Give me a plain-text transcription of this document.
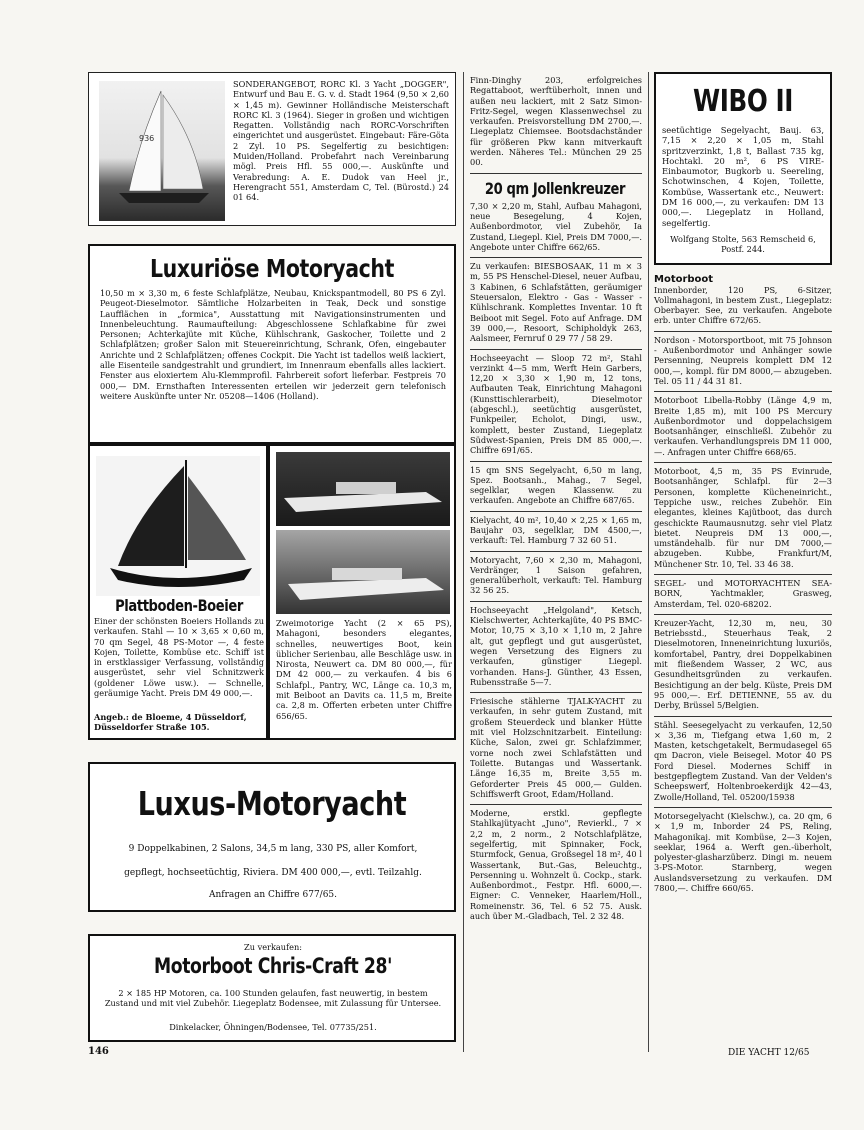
936

SONDERANGEBOT, RORC Kl. 3 Yacht „DOGGER", Entwurf und Bau E. G. v. d. Stadt 1964 (9,50 × 2,60 × 1,45 m). Gewinner Holländische Meisterschaft RORC Kl. 3 (1964). Sieger in großen und wichtigen Regatten. Vollständig nach RORC-Vorschriften eingerichtet und ausgerüstet. Eingebaut: Färe-Göta 2 Zyl. 10 PS. Segelfertig zu besichtigen: Muiden/Holland. Probefahrt nach Vereinbarung mögl. Preis Hfl. 55 000,—. Auskünfte und Verabredung: A. E. Dudok van Heel jr., Herengracht 551, Amsterdam C, Tel. (Bürostd.) 24 01 64.

Luxuriöse Motoryacht

10,50 m × 3,30 m, 6 feste Schlafplätze, Neubau, Knickspantmodell, 80 PS 6 Zyl. Peugeot-Dieselmotor. Sämtliche Holzarbeiten in Teak, Deck und sonstige Laufflächen in „formica", Ausstattung mit Navigationsinstrumenten und Innenbeleuchtung. Raumaufteilung: Abgeschlossene Schlafkabine für zwei Personen; Achterkajüte mit Küche, Kühlschrank, Gaskocher, Toilette und 2 Schlafplätzen; großer Salon mit Steuereinrichtung, Schrank, Ofen, eingebauter Anrichte und 2 Schlafplätzen; offenes Cockpit. Die Yacht ist tadellos weiß lackiert, alle Eisenteile sandgestrahlt und grundiert, im Innenraum ebenfalls alles lackiert. Fenster aus eloxiertem Alu-Klemmprofil. Fahrbereit sofort lieferbar. Festpreis 70 000,— DM. Ernsthaften Interessenten erteilen wir jederzeit gern telefonisch weitere Auskünfte unter Nr. 05208—1406 (Holland).

Plattboden-Boeier

Einer der schönsten Boeiers Hollands zu verkaufen. Stahl — 10 × 3,65 × 0,60 m, 70 qm Segel, 48 PS-Motor —, 4 feste Kojen, Toilette, Kombüse etc. Schiff ist in erstklassiger Verfassung, vollständig ausgerüstet, sehr viel Schnitzwerk (goldener Löwe usw.). — Schnelle, geräumige Yacht. Preis DM 49 000,—.

Angeb.: de Bloeme, 4 Düsseldorf, Düsseldorfer Straße 105.

Zweimotorige Yacht (2 × 65 PS), Mahagoni, besonders elegantes, schnelles, neuwertiges Boot, kein üblicher Serienbau, alle Beschläge usw. in Nirosta, Neuwert ca. DM 80 000,—, für DM 42 000,— zu verkaufen. 4 bis 6 Schlafpl., Pantry, WC, Länge ca. 10,3 m, mit Beiboot an Davits ca. 11,5 m, Breite ca. 2,8 m. Offerten erbeten unter Chiffre 656/65.

Luxus-Motoryacht

9 Doppelkabinen, 2 Salons, 34,5 m lang, 330 PS, aller Komfort,

gepflegt, hochseetüchtig, Riviera. DM 400 000,—, evtl. Teilzahlg.

Anfragen an Chiffre 677/65.

Zu verkaufen:

Motorboot Chris-Craft 28'

2 × 185 HP Motoren, ca. 100 Stunden gelaufen, fast neuwertig, in bestem Zustand und mit viel Zubehör. Liegeplatz Bodensee, mit Zulassung für Untersee.

Dinkelacker, Öhningen/Bodensee, Tel. 07735/251.

Finn-Dinghy 203, erfolgreiches Regattaboot, werftüberholt, innen und außen neu lackiert, mit 2 Satz Simon-Fritz-Segel, wegen Klassenwechsel zu verkaufen. Preisvorstellung DM 2700,—. Liegeplatz Chiemsee. Bootsdachständer für größeren Pkw kann mitverkauft werden. Näheres Tel.: München 29 25 00.

20 qm Jollenkreuzer

7,30 × 2,20 m, Stahl, Aufbau Mahagoni, neue Besegelung, 4 Kojen, Außenbordmotor, viel Zubehör, Ia Zustand, Liegepl. Kiel, Preis DM 7000,—. Angebote unter Chiffre 662/65.

Zu verkaufen: BIESBOSAAK, 11 m × 3 m, 55 PS Henschel-Diesel, neuer Aufbau, 3 Kabinen, 6 Schlafstätten, geräumiger Steuersalon, Elektro - Gas - Wasser - Kühlschrank. Komplettes Inventar. 10 ft Beiboot mit Segel. Foto auf Anfrage. DM 39 000,—, Resoort, Schipholdyk 263, Aalsmeer, Fernruf 0 29 77 / 58 29.

Hochseeyacht — Sloop 72 m², Stahl verzinkt 4—5 mm, Werft Hein Garbers, 12,20 × 3,30 × 1,90 m, 12 tons, Aufbauten Teak, Einrichtung Mahagoni (Kunsttischlerarbeit), Dieselmotor (abgeschl.), seetüchtig ausgerüstet, Funkpeiler, Echolot, Dingi, usw., komplett, bester Zustand, Liegeplatz Südwest-Spanien, Preis DM 85 000,—. Chiffre 691/65.

15 qm SNS Segelyacht, 6,50 m lang, Spez. Bootsanh., Mahag., 7 Segel, segelklar, wegen Klassenw. zu verkaufen. Angebote an Chiffre 687/65.

Kielyacht, 40 m², 10,40 × 2,25 × 1,65 m, Baujahr 03, segelklar, DM 4500,—, verkauft: Tel. Hamburg 7 32 60 51.

Motoryacht, 7,60 × 2,30 m, Mahagoni, Verdränger, 1 Saison gefahren, generalüberholt, verkauft: Tel. Hamburg 32 56 25.

Hochseeyacht „Helgoland", Ketsch, Kielschwerter, Achterkajüte, 40 PS BMC-Motor, 10,75 × 3,10 × 1,10 m, 2 Jahre alt, gut gepflegt und gut ausgerüstet, wegen Versetzung des Eigners zu verkaufen, günstiger Liegepl. vorhanden. Hans-J. Günther, 43 Essen, Rubensstraße 5—7.

Friesische stählerne TJALK-YACHT zu verkaufen, in sehr gutem Zustand, mit großem Steuerdeck und blanker Hütte mit viel Holzschnitzarbeit. Einteilung: Küche, Salon, zwei gr. Schlafzimmer, vorne noch zwei Schlafstätten und Toilette. Butangas und Wassertank. Länge 16,35 m, Breite 3,55 m. Geforderter Preis 45 000,— Gulden. Schiffswerft Groot, Edam/Holland.

Moderne, erstkl. gepflegte Stahlkajütyacht „Juno", Revierkl., 7 × 2,2 m, 2 norm., 2 Notschlafplätze, segelfertig, mit Spinnaker, Fock, Sturmfock, Genua, Großsegel 18 m², 40 l Wassertank, But.-Gas, Beleuchtg., Persenning u. Wohnzelt ü. Cockp., stark. Außenbordmot., Festpr. Hfl. 6000,—. Eigner: C. Venneker, Haarlem/Holl., Romeinenstr. 36, Tel. 6 52 75. Ausk. auch über M.-Gladbach, Tel. 2 32 48.

WIBO II

seetüchtige Segelyacht, Bauj. 63, 7,15 × 2,20 × 1,05 m, Stahl spritzverzinkt, 1,8 t, Ballast 735 kg, Hochtakl. 20 m², 6 PS VIRE-Einbaumotor, Bugkorb u. Seereling, Schotwinschen, 4 Kojen, Toilette, Kombüse, Wassertank etc., Neuwert: DM 16 000,—, zu verkaufen: DM 13 000,—. Liegeplatz in Holland, segelfertig.

Wolfgang Stolte, 563 Remscheid 6, Postf. 244.

Motorboot

Innenborder, 120 PS, 6-Sitzer, Vollmahagoni, in bestem Zust., Liegeplatz: Oberbayer. See, zu verkaufen. Angebote erb. unter Chiffre 672/65.

Nordson - Motorsportboot, mit 75 Johnson - Außenbordmotor und Anhänger sowie Persenning, Neupreis komplett DM 12 000,—, kompl. für DM 8000,— abzugeben. Tel. 05 11 / 44 31 81.

Motorboot Libella-Robby (Länge 4,9 m, Breite 1,85 m), mit 100 PS Mercury Außenbordmotor und doppelachsigem Bootsanhänger, einschließl. Zubehör zu verkaufen. Verhandlungspreis DM 11 000,—. Anfragen unter Chiffre 668/65.

Motorboot, 4,5 m, 35 PS Evinrude, Bootsanhänger, Schlafpl. für 2—3 Personen, komplette Kücheneinricht., Teppiche usw., reiches Zubehör. Ein elegantes, kleines Kajütboot, das durch geschickte Raumausnutzg. sehr viel Platz bietet. Neupreis DM 13 000,—, umständehalb. für nur DM 7000,— abzugeben. Kubbe, Frankfurt/M, Münchener Str. 10, Tel. 33 46 38.

SEGEL- und MOTORYACHTEN SEA-BORN, Yachtmakler, Grasweg, Amsterdam, Tel. 020-68202.

Kreuzer-Yacht, 12,30 m, neu, 30 Betriebsstd., Steuerhaus Teak, 2 Dieselmotoren, Inneneinrichtung luxuriös, komfortabel, Pantry, drei Doppelkabinen mit fließendem Wasser, 2 WC, aus Gesundheitsgründen zu verkaufen. Besichtigung an der belg. Küste, Preis DM 95 000,—. Erf. DETIENNE, 55 av. du Derby, Brüssel 5/Belgien.

Stähl. Seesegelyacht zu verkaufen, 12,50 × 3,36 m, Tiefgang etwa 1,60 m, 2 Masten, ketschgetakelt, Bermudasegel 65 qm Dacron, viele Beisegel. Motor 40 PS Ford Diesel. Modernes Schiff in bestgepflegtem Zustand. Van der Velden's Scheepswerf, Holtenbroekerdijk 42—43, Zwolle/Holland, Tel. 05200/15938

Motorsegelyacht (Kielschw.), ca. 20 qm, 6 × 1,9 m, Inborder 24 PS, Reling, Mahagonikaj. mit Kombüse, 2—3 Kojen, seeklar, 1964 a. Werft gen.-überholt, polyester-glasharzüberz. Dingi m. neuem 3-PS-Motor. Starnberg, wegen Auslandsversetzung zu verkaufen. DM 7800,—. Chiffre 660/65.

146	DIE YACHT 12/65
